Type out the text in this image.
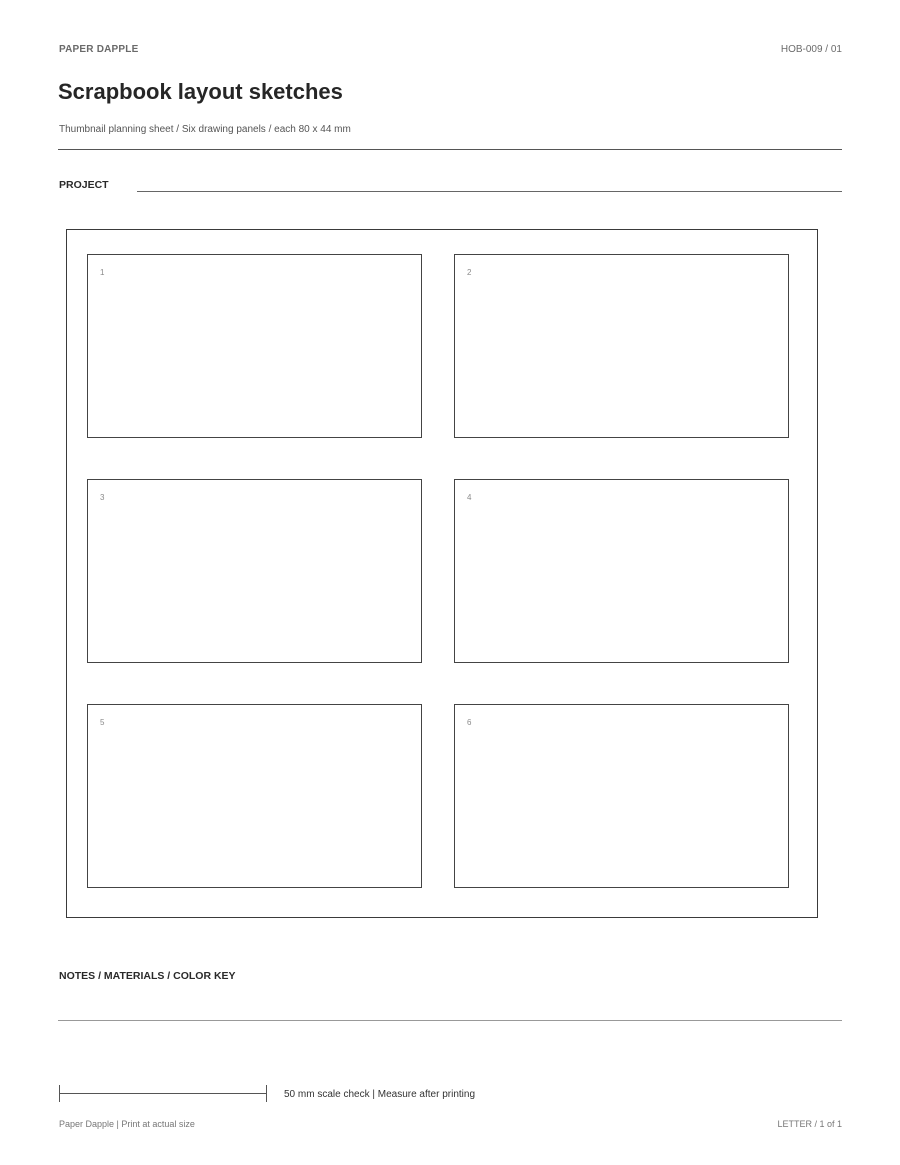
PAPER DAPPLE	HOB-009 / 01
Scrapbook layout sketches
Thumbnail planning sheet / Six drawing panels / each 80 x 44 mm
PROJECT
1	2
3	4
5	6
NOTES / MATERIALS / COLOR KEY
50 mm scale check | Measure after printing
Paper Dapple | Print at actual size	LETTER / 1 of 1
